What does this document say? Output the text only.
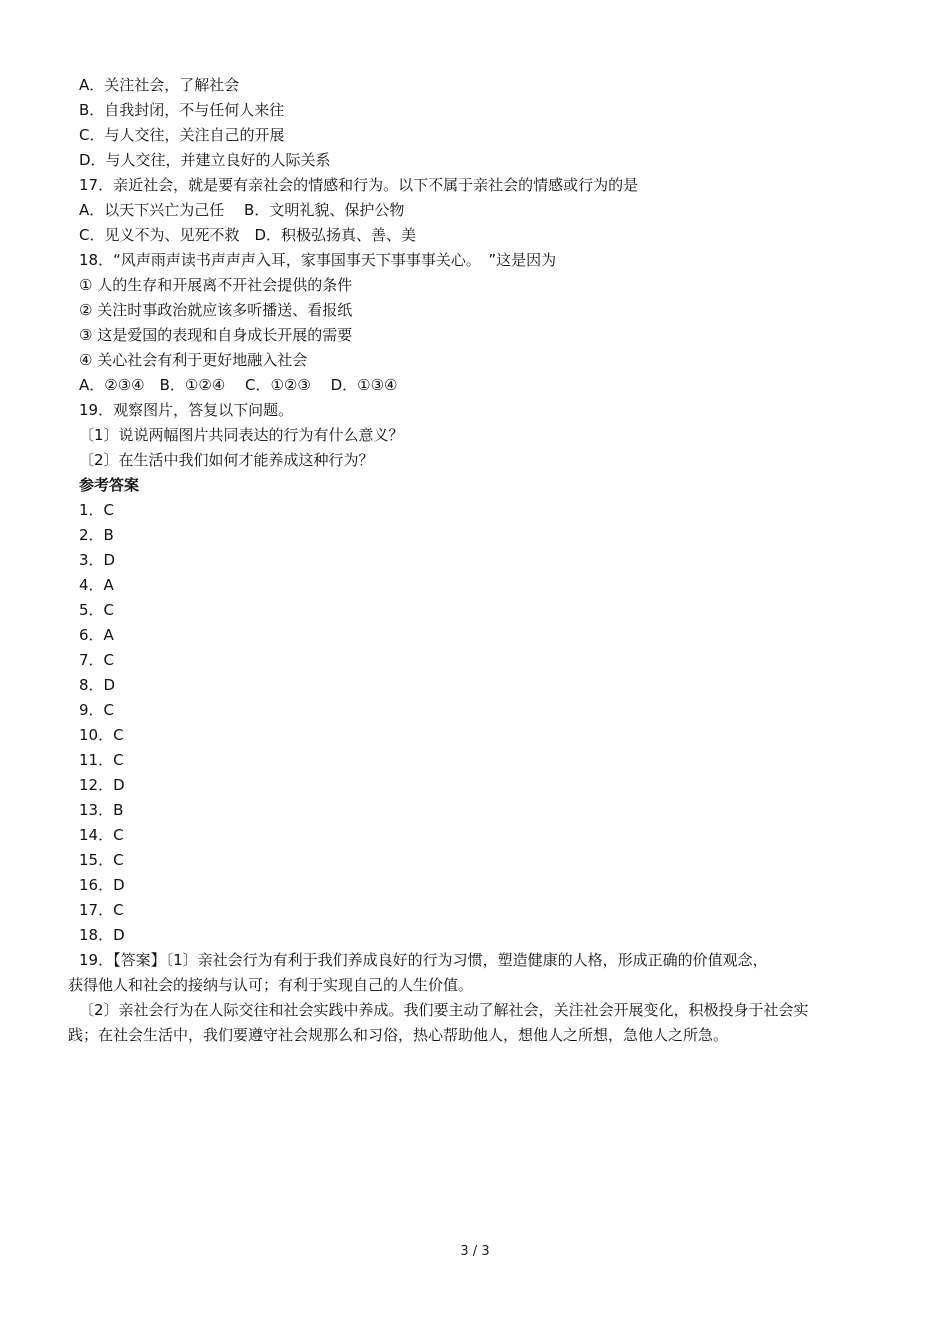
A．关注社会，了解社会
B．自我封闭，不与任何人来往
C．与人交往，关注自己的开展
D．与人交往，并建立良好的人际关系
17．亲近社会，就是要有亲社会的情感和行为。以下不属于亲社会的情感或行为的是
A．以天下兴亡为己任　 B．文明礼貌、保护公物
C．见义不为、见死不救　D．积极弘扬真、善、美
18．“风声雨声读书声声声入耳，家事国事天下事事事关心。　”这是因为
① 人的生存和开展离不开社会提供的条件
② 关注时事政治就应该多听播送、看报纸
③ 这是爱国的表现和自身成长开展的需要
④ 关心社会有利于更好地融入社会
A．②③④　B．①②④　 C．①②③　 D．①③④
19．观察图片，答复以下问题。
〔1〕说说两幅图片共同表达的行为有什么意义？
〔2〕在生活中我们如何才能养成这种行为？
参考答案
1．C
2．B
3．D
4．A
5．C
6．A
7．C
8．D
9．C
10．C
11．C
12．D
13．B
14．C
15．C
16．D
17．C
18．D
19．【答案】〔1〕亲社会行为有利于我们养成良好的行为习惯，塑造健康的人格，形成正确的价值观念，
获得他人和社会的接纳与认可；有利于实现自己的人生价值。
〔2〕亲社会行为在人际交往和社会实践中养成。我们要主动了解社会，关注社会开展变化，积极投身于社会实
践；在社会生活中，我们要遵守社会规那么和习俗，热心帮助他人，想他人之所想，急他人之所急。
3 / 3
